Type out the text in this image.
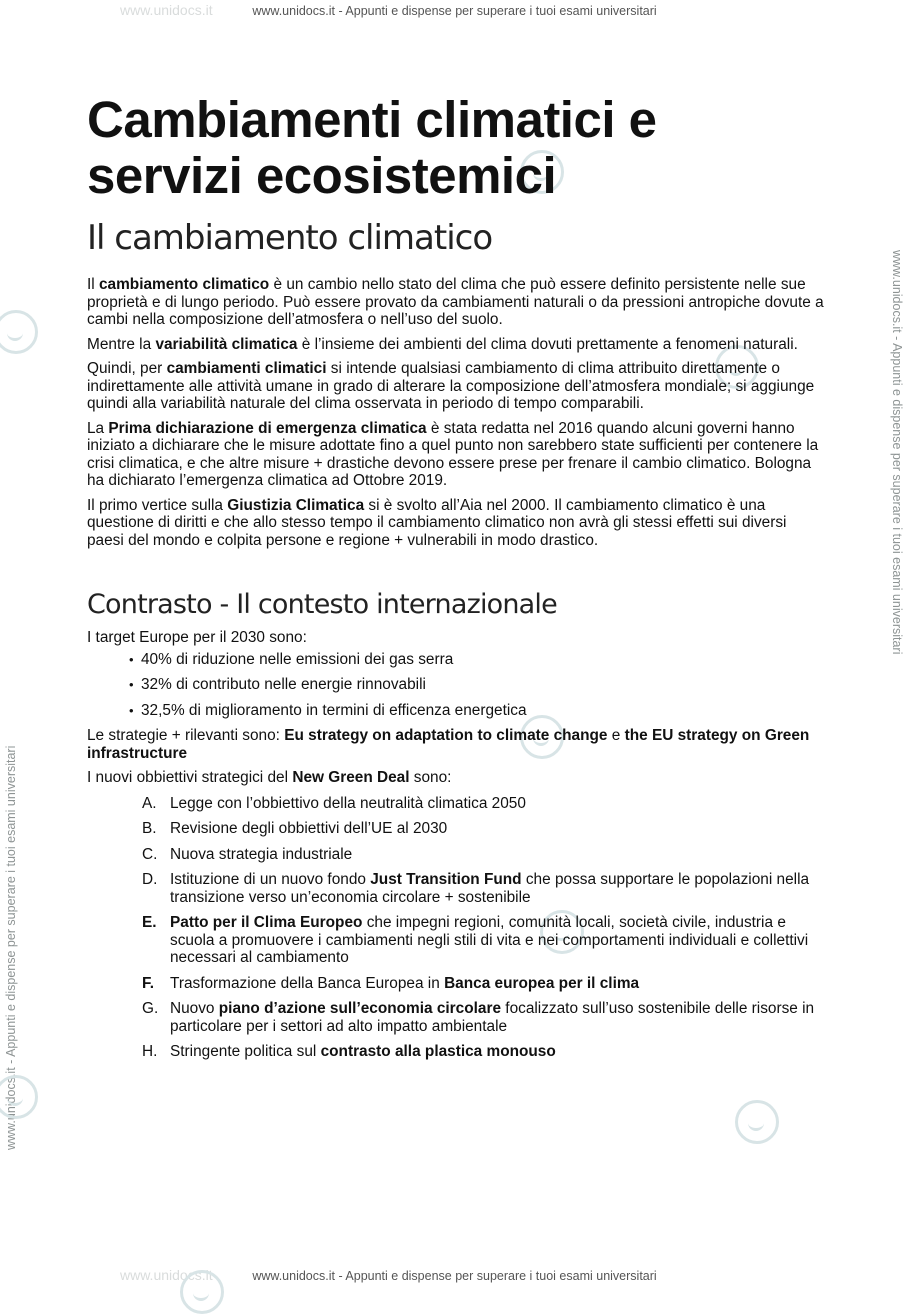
www.unidocs.it	www.unidocs.it - Appunti e dispense per superare i tuoi esami universitari
www.unidocs.it	www.unidocs.it - Appunti e dispense per superare i tuoi esami universitari
www.unidocs.it - Appunti e dispense per superare i tuoi esami universitari
www.unidocs.it - Appunti e dispense per superare i tuoi esami universitari
Cambiamenti climatici e
servizi ecosistemici
Il cambiamento climatico

Il cambiamento climatico è un cambio nello stato del clima che può essere definito persistente nelle sue proprietà e di lungo periodo. Può essere provato da cambiamenti naturali o da pressioni antropiche dovute a cambi nella composizione dell’atmosfera o nell’uso del suolo.

Mentre la variabilità climatica è l’insieme dei ambienti del clima dovuti prettamente a fenomeni naturali.

Quindi, per cambiamenti climatici si intende qualsiasi cambiamento di clima attribuito direttamente o indirettamente alle attività umane in grado di alterare la composizione dell’atmosfera mondiale; si aggiunge quindi alla variabilità naturale del clima osservata in periodo di tempo comparabili.

La Prima dichiarazione di emergenza climatica è stata redatta nel 2016 quando alcuni governi hanno iniziato a dichiarare che le misure adottate fino a quel punto non sarebbero state sufficienti per contenere la crisi climatica, e che altre misure + drastiche devono essere prese per frenare il cambio climatico. Bologna ha dichiarato l’emergenza climatica ad Ottobre 2019.

Il primo vertice sulla Giustizia Climatica si è svolto all’Aia nel 2000. Il cambiamento climatico è una questione di diritti e che allo stesso tempo il cambiamento climatico non avrà gli stessi effetti sui diversi paesi del mondo e colpita persone e regione + vulnerabili in modo drastico.

Contrasto - Il contesto internazionale

I target Europe per il 2030 sono:

• 40% di riduzione nelle emissioni dei gas serra
• 32% di contributo nelle energie rinnovabili
• 32,5% di miglioramento in termini di efficenza energetica

Le strategie + rilevanti sono: Eu strategy on adaptation to climate change e the EU strategy on Green infrastructure

I nuovi obbiettivi strategici del New Green Deal sono:

A. Legge con l’obbiettivo della neutralità climatica 2050
B. Revisione degli obbiettivi dell’UE al 2030
C. Nuova strategia industriale
D. Istituzione di un nuovo fondo Just Transition Fund che possa supportare le popolazioni nella transizione verso un’economia circolare + sostenibile
E. Patto per il Clima Europeo che impegni regioni, comunità locali, società civile, industria e scuola a promuovere i cambiamenti negli stili di vita e nei comportamenti individuali e collettivi necessari al cambiamento
F. Trasformazione della Banca Europea in Banca europea per il clima
G. Nuovo piano d’azione sull’economia circolare focalizzato sull’uso sostenibile delle risorse in particolare per i settori ad alto impatto ambientale
H. Stringente politica sul contrasto alla plastica monouso
